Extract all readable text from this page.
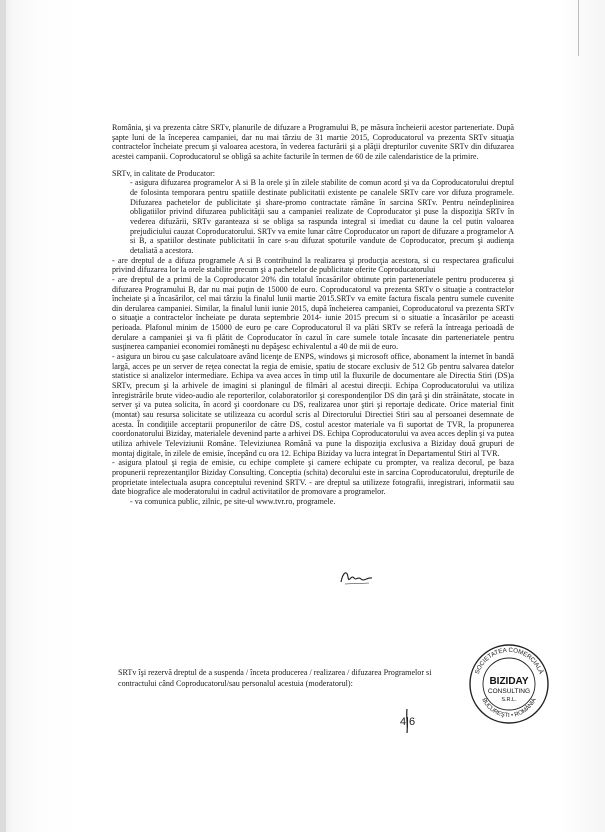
România, şi va prezenta către SRTv, planurile de difuzare a Programului B, pe măsura încheierii acestor parteneriate. După şapte luni de la începerea campaniei, dar nu mai târziu de 31 martie 2015, Coproducatorul va prezenta SRTv situaţia contractelor încheiate precum şi valoarea acestora, în vederea facturării şi a plăţii drepturilor cuvenite SRTv din difuzarea acestei campanii. Coproducatorul se obligă sa achite facturile în termen de 60 de zile calendaristice de la primire.

SRTv, in calitate de Producator:

- asigura difuzarea programelor A si B la orele şi în zilele stabilite de comun acord şi va da Coproducatorului dreptul de folosinta temporara pentru spatiile destinate publicitatii existente pe canalele SRTv care vor difuza programele. Difuzarea pachetelor de publicitate şi share-promo contractate rămâne în sarcina SRTv. Pentru neîndeplinirea obligatiilor privind difuzarea publicităţii sau a campaniei realizate de Coproducator şi puse la dispoziţia SRTv în vederea difuzării, SRTv garanteaza si se obliga sa raspunda integral si imediat cu daune la cel putin valoarea prejudiciului cauzat Coproducatorului. SRTv va emite lunar către Coproducator un raport de difuzare a programelor A si B, a spatiilor destinate publicitatii în care s-au difuzat spoturile vandute de Coproducator, precum şi audienţa detaliată a acestora.

- are dreptul de a difuza programele A si B contribuind la realizarea şi producţia acestora, si cu respectarea graficului privind difuzarea lor la orele stabilite precum şi a pachetelor de publicitate oferite Coproducatorului

- are dreptul de a primi de la Coproducator 20% din totalul încasărilor obtinute prin parteneriatele pentru producerea şi difuzarea Programului B, dar nu mai puţin de 15000 de euro. Coproducatorul va prezenta SRTv o situaţie a contractelor încheiate şi a încasărilor, cel mai târziu la finalul lunii martie 2015.SRTv va emite factura fiscala pentru sumele cuvenite din derularea campaniei. Similar, la finalul lunii iunie 2015, după încheierea campaniei, Coproducatorul va prezenta SRTv o situaţie a contractelor încheiate pe durata septembrie 2014- iunie 2015 precum si o situatie a încasărilor pe aceasti perioada. Plafonul minim de 15000 de euro pe care Coproducatorul îl va plăti SRTv se referă la întreaga perioadă de derulare a campaniei şi va fi plătit de Coproducator în cazul în care sumele totale încasate din parteneriatele pentru susţinerea campaniei economiei româneşti nu depăşesc echivalentul a 40 de mii de euro.

- asigura un birou cu şase calculatoare având licenţe de ENPS, windows şi microsoft office, abonament la internet în bandă largă, acces pe un server de reţea conectat la regia de emisie, spatiu de stocare exclusiv de 512 Gb pentru salvarea datelor statistice si analizelor intermediare. Echipa va avea acces în timp util la fluxurile de documentare ale Directia Stiri (DS)a SRTv, precum şi la arhivele de imagini si planingul de filmări al acestui direcţii. Echipa Coproducatorului va utiliza înregistrările brute video-audio ale reporterilor, colaboratorilor şi corespondenţilor DS din ţară şi din străinătate, stocate in server şi va putea solicita, în acord şi coordonare cu DS, realizarea unor ştiri şi reportaje dedicate. Orice material finit (montat) sau resursa solicitate se utilizeaza cu acordul scris al Directorului Directiei Stiri sau al persoanei desemnate de acesta. În condiţiile acceptarii propunerilor de către DS, costul acestor materiale va fi suportat de TVR, la propunerea coordonatorului Biziday, materialele devenind parte a arhivei DS. Echipa Coproducatorului va avea acces deplin şi va putea utiliza arhivele Televiziunii Române. Televiziunea Română va pune la dispoziţia exclusiva a Biziday două grupuri de montaj digitale, în zilele de emisie, începând cu ora 12. Echipa Biziday va lucra integrat în Departamentul Stiri al TVR.

- asigura platoul şi regia de emisie, cu echipe complete şi camere echipate cu prompter, va realiza decorul, pe baza propunerii reprezentanţilor Biziday Consulting. Conceptia (schita) decorului este in sarcina Coproducatorului, drepturile de proprietate intelectuala asupra conceptului revenind SRTV. - are dreptul sa utilizeze fotografii, inregistrari, informatii sau date biografice ale moderatorului in cadrul activitatilor de promovare a programelor.

- va comunica public, zilnic, pe site-ul www.tvr.ro, programele.

SRTv îşi rezervă dreptul de a suspenda / înceta producerea / realizarea / difuzarea Programelor si contractului când Coproducatorul/sau personalul acestuia (moderatorul):
4|6
SOCIETATEA COMERCIALĂ
BUCUREŞTI • ROMÂNIA
BIZIDAY
CONSULTING
S.R.L.
